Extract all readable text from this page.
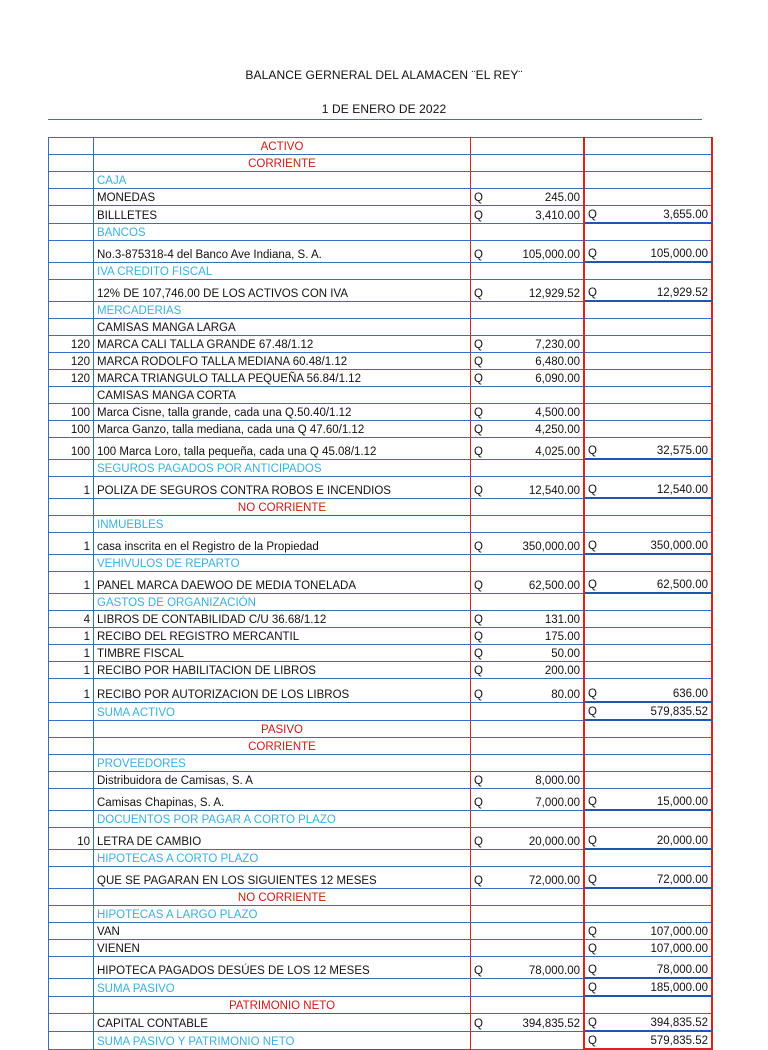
BALANCE GERNERAL DEL ALAMACEN ¨EL REY¨
1 DE ENERO DE 2022
	ACTIVO				
	CORRIENTE				
	CAJA				
	MONEDAS	Q	245.00		
	BILLLETES	Q	3,410.00	Q	3,655.00
	BANCOS				
	No.3-875318-4 del Banco Ave Indiana, S. A.	Q	105,000.00	Q	105,000.00
	IVA CREDITO FISCAL				
	12% DE 107,746.00 DE LOS ACTIVOS CON IVA	Q	12,929.52	Q	12,929.52
	MERCADERIAS				
	CAMISAS MANGA LARGA				
120	MARCA CALI TALLA GRANDE 67.48/1.12	Q	7,230.00		
120	MARCA RODOLFO TALLA MEDIANA 60.48/1.12	Q	6,480.00		
120	MARCA TRIANGULO TALLA PEQUEÑA 56.84/1.12	Q	6,090.00		
	CAMISAS MANGA CORTA				
100	Marca Cisne, talla grande, cada una Q.50.40/1.12	Q	4,500.00		
100	Marca Ganzo, talla mediana, cada una Q 47.60/1.12	Q	4,250.00		
100	100 Marca Loro, talla pequeña, cada una Q 45.08/1.12	Q	4,025.00	Q	32,575.00
	SEGUROS PAGADOS POR ANTICIPADOS				
1	POLIZA DE SEGUROS CONTRA ROBOS E INCENDIOS	Q	12,540.00	Q	12,540.00
	NO CORRIENTE				
	INMUEBLES				
1	casa inscrita en el Registro de la Propiedad	Q	350,000.00	Q	350,000.00
	VEHIVULOS DE REPARTO				
1	PANEL MARCA DAEWOO DE MEDIA TONELADA	Q	62,500.00	Q	62,500.00
	GASTOS DE ORGANIZACIÓN				
4	LIBROS DE CONTABILIDAD C/U 36.68/1.12	Q	131.00		
1	RECIBO DEL REGISTRO MERCANTIL	Q	175.00		
1	TIMBRE FISCAL	Q	50.00		
1	RECIBO POR HABILITACION DE LIBROS	Q	200.00		
1	RECIBO POR AUTORIZACION DE LOS LIBROS	Q	80.00	Q	636.00
	SUMA ACTIVO			Q	579,835.52
	PASIVO				
	CORRIENTE				
	PROVEEDORES				
	Distribuidora de Camisas, S. A	Q	8,000.00		
	Camisas Chapinas, S. A.	Q	7,000.00	Q	15,000.00
	DOCUENTOS POR PAGAR A CORTO PLAZO				
10	LETRA DE CAMBIO	Q	20,000.00	Q	20,000.00
	HIPOTECAS A CORTO PLAZO				
	QUE SE PAGARAN EN LOS SIGUIENTES 12 MESES	Q	72,000.00	Q	72,000.00
	NO CORRIENTE				
	HIPOTECAS A LARGO PLAZO				
	VAN			Q	107,000.00
	VIENEN			Q	107,000.00
	HIPOTECA PAGADOS DESÚES DE LOS 12 MESES	Q	78,000.00	Q	78,000.00
	SUMA PASIVO			Q	185,000.00
	PATRIMONIO NETO				
	CAPITAL CONTABLE	Q	394,835.52	Q	394,835.52
	SUMA PASIVO Y PATRIMONIO NETO			Q	579,835.52
